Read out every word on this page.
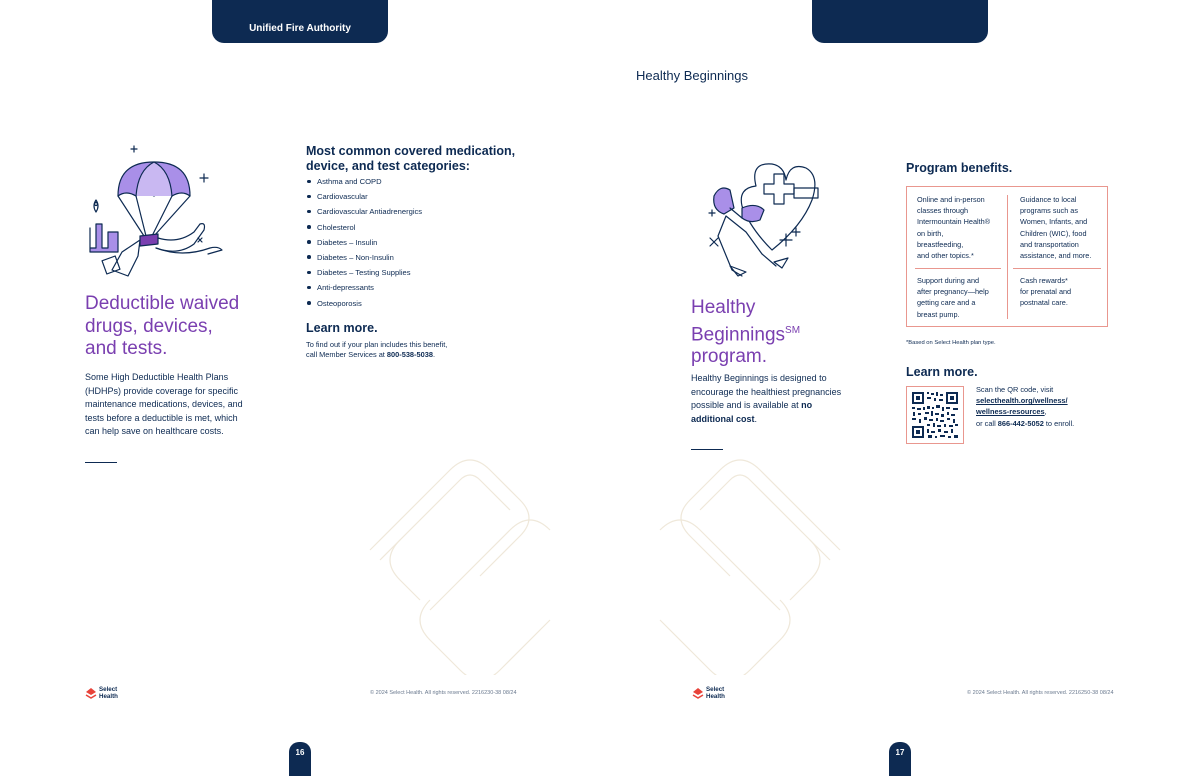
Unified Fire Authority
Healthy Beginnings
Deductible waived
drugs, devices,
and tests.
Some High Deductible Health Plans
(HDHPs) provide coverage for specific
maintenance medications, devices, and
tests before a deductible is met, which
can help save on healthcare costs.
Most common covered medication,
device, and test categories:
Asthma and COPD
Cardiovascular
Cardiovascular Antiadrenergics
Cholesterol
Diabetes – Insulin
Diabetes – Non-Insulin
Diabetes – Testing Supplies
Anti-depressants
Osteoporosis
Learn more.
To find out if your plan includes this benefit,
call Member Services at 800-538-5038.
Select
Health	© 2024 Select Health. All rights reserved. 2216230-38 08/24
16
Healthy
Beginnings℠
program.
Healthy Beginnings is designed to
encourage the healthiest pregnancies
possible and is available at no
additional cost.
Program benefits.
Online and in-person
classes through
Intermountain Health®
on birth,
breastfeeding,
and other topics.*
Guidance to local
programs such as
Women, Infants, and
Children (WIC), food
and transportation
assistance, and more.
Support during and
after pregnancy—help
getting care and a
breast pump.
Cash rewards*
for prenatal and
postnatal care.
*Based on Select Health plan type.
Learn more.
Scan the QR code, visit
selecthealth.org/wellness/
wellness-resources,
or call 866-442-5052 to enroll.
Select
Health	© 2024 Select Health. All rights reserved. 2216250-38 08/24
17
